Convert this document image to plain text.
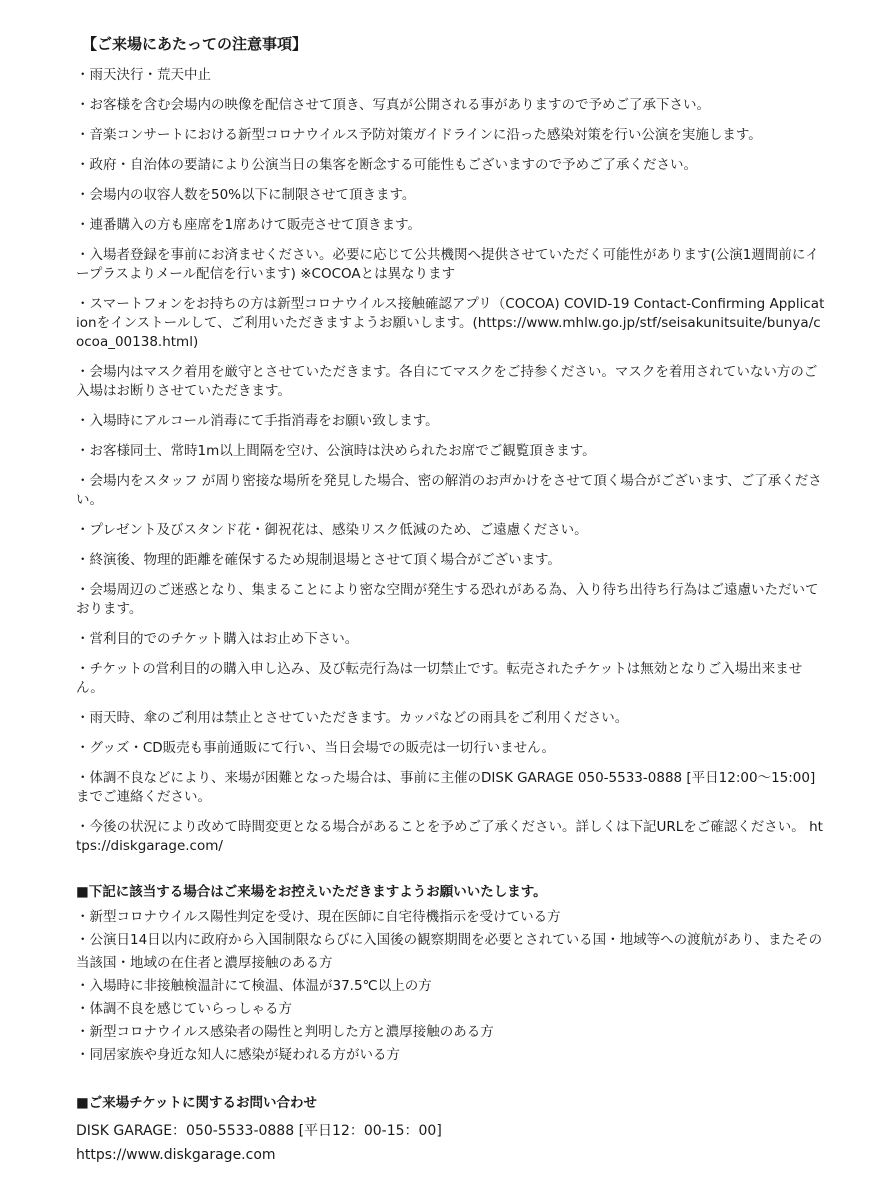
【ご来場にあたっての注意事項】
・雨天決行・荒天中止
・お客様を含む会場内の映像を配信させて頂き、写真が公開される事がありますので予めご了承下さい。
・音楽コンサートにおける新型コロナウイルス予防対策ガイドラインに沿った感染対策を行い公演を実施します。
・政府・自治体の要請により公演当日の集客を断念する可能性もございますので予めご了承ください。
・会場内の収容人数を50%以下に制限させて頂きます。
・連番購入の方も座席を1席あけて販売させて頂きます。
・入場者登録を事前にお済ませください。必要に応じて公共機関へ提供させていただく可能性があります(公演1週間前にイープラスよりメール配信を行います) ※COCOAとは異なります
・スマートフォンをお持ちの方は新型コロナウイルス接触確認アプリ（COCOA) COVID-19 Contact-Confirming Applicationをインストールして、ご利用いただきますようお願いします。(https://www.mhlw.go.jp/stf/seisakunitsuite/bunya/cocoa_00138.html)
・会場内はマスク着用を厳守とさせていただきます。各自にてマスクをご持参ください。マスクを着用されていない方のご入場はお断りさせていただきます。
・入場時にアルコール消毒にて手指消毒をお願い致します。
・お客様同士、常時1m以上間隔を空け、公演時は決められたお席でご観覧頂きます。
・会場内をスタッフ が周り密接な場所を発見した場合、密の解消のお声かけをさせて頂く場合がございます、ご了承ください。
・プレゼント及びスタンド花・御祝花は、感染リスク低減のため、ご遠慮ください。
・終演後、物理的距離を確保するため規制退場とさせて頂く場合がございます。
・会場周辺のご迷惑となり、集まることにより密な空間が発生する恐れがある為、入り待ち出待ち行為はご遠慮いただいております。
・営利目的でのチケット購入はお止め下さい。
・チケットの営利目的の購入申し込み、及び転売行為は一切禁止です。転売されたチケットは無効となりご入場出来ません。
・雨天時、傘のご利用は禁止とさせていただきます。カッパなどの雨具をご利用ください。
・グッズ・CD販売も事前通販にて行い、当日会場での販売は一切行いません。
・体調不良などにより、来場が困難となった場合は、事前に主催のDISK GARAGE 050-5533-0888 [平日12:00〜15:00]までご連絡ください。
・今後の状況により改めて時間変更となる場合があることを予めご了承ください。詳しくは下記URLをご確認ください。 https://diskgarage.com/
■下記に該当する場合はご来場をお控えいただきますようお願いいたします。
・新型コロナウイルス陽性判定を受け、現在医師に自宅待機指示を受けている方
・公演日14日以内に政府から入国制限ならびに入国後の観察期間を必要とされている国・地域等への渡航があり、またその当該国・地域の在住者と濃厚接触のある方
・入場時に非接触検温計にて検温、体温が37.5℃以上の方
・体調不良を感じていらっしゃる方
・新型コロナウイルス感染者の陽性と判明した方と濃厚接触のある方
・同居家族や身近な知人に感染が疑われる方がいる方
■ご来場チケットに関するお問い合わせ
DISK GARAGE：050-5533-0888 [平日12：00-15：00]
https://www.diskgarage.com
